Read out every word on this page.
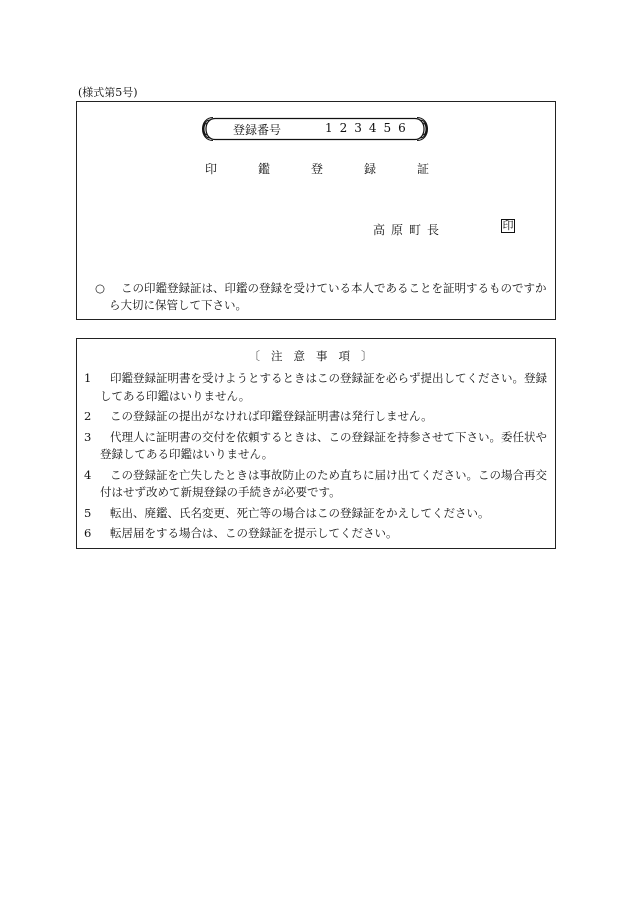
(様式第5号)
登録番号	123456
印鑑登録証
高原町長	印
○	この印鑑登録証は、印鑑の登録を受けている本人であることを証明するものですから大切に保管して下さい。
〔注意事項〕
1	印鑑登録証明書を受けようとするときはこの登録証を必らず提出してください。登録してある印鑑はいりません。
2	この登録証の提出がなければ印鑑登録証明書は発行しません。
3	代理人に証明書の交付を依頼するときは、この登録証を持参させて下さい。委任状や登録してある印鑑はいりません。
4	この登録証を亡失したときは事故防止のため直ちに届け出てください。この場合再交付はせず改めて新規登録の手続きが必要です。
5	転出、廃鑑、氏名変更、死亡等の場合はこの登録証をかえしてください。
6	転居届をする場合は、この登録証を提示してください。
